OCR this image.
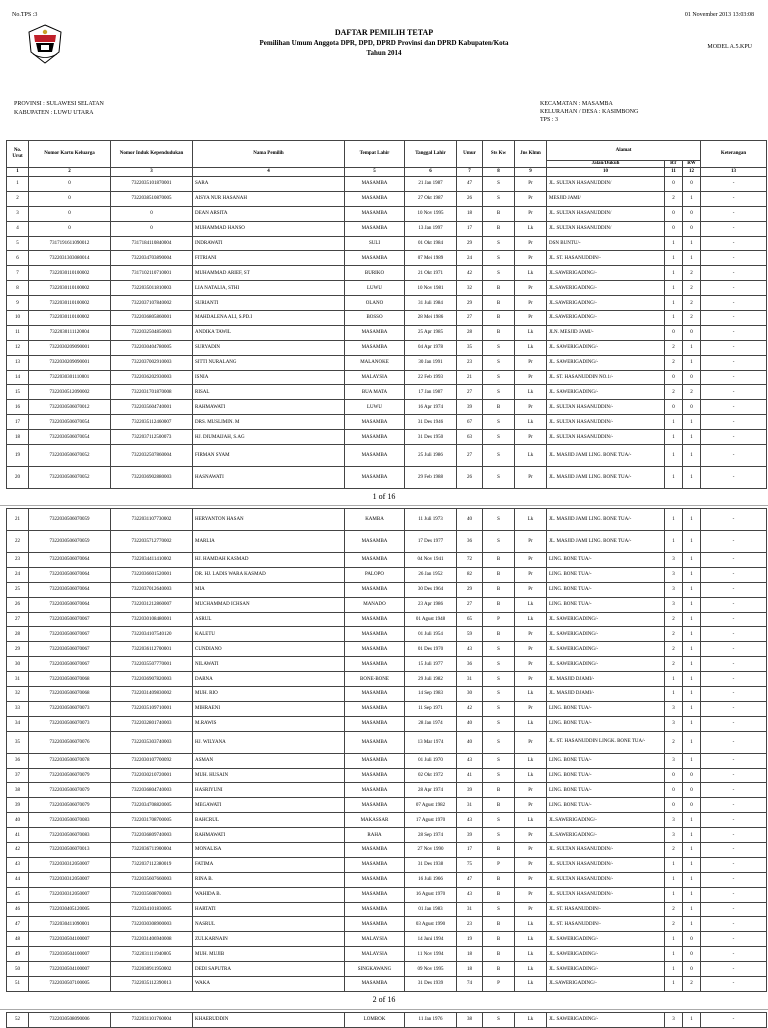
No.TPS :3	01 November 2013 13:03:08
DAFTAR PEMILIH TETAP
Pemilihan Umum Anggota DPR, DPD, DPRD Provinsi dan DPRD Kabupaten/Kota
Tahun 2014
MODEL A.5.KPU
PROVINSI : SULAWESI SELATAN
KABUPATEN : LUWU UTARA
KECAMATAN : MASAMBA
KELURAHAN / DESA : KASIMBONG
TPS : 3
No. Urut	Nomor Kartu Keluarga	Nomor Induk Kependudukan	Nama Pemilih	Tempat Lahir	Tanggal Lahir	Umur	Sts Kw	Jns Klmn	Alamat			Keterangan
									Jalan/Dukuh	RT	RW	
1	2	3	4	5	6	7	8	9	10	11	12	13
1	0	7322035101870001	SARA	MASAMBA	21 Jan 1987	47	S	Pr	JL. SULTAN HASANUDDIN/	0	0	-
2	0	7322038510870005	AISYA NUR HASANAH	MASAMBA	27 Okt 1987	26	S	Pr	MESJID JAMI/	2	1	-
3	0	0	DEAN ARSITA	MASAMBA	10 Nov 1995	18	B	Pr	JL. SULTAN HASANUDDIN/	0	0	-
4	0	0	MUHAMMAD HANSO	MASAMBA	13 Jan 1997	17	B	Lk	JL. SULTAN HASANUDDIN/	0	0	-
5	7317191611090012	7317184110840004	INDRAWATI	SULI	01 Okt 1984	29	S	Pr	DSN BUNTU/-	1	1	-
6	7322031303080014	7322034703890004	FITRIANI	MASAMBA	07 Mei 1989	24	S	Pr	JL. ST. HASANUDDIN/-	1	1	-
7	7322030110100002	7317102110710001	MUHAMMAD ARIEF, ST	BURIKO	21 Okt 1971	42	S	Lk	JL.SAWERIGADING/-	1	2	-
8	7322030110100002	7322035011810003	LIA NATALIA, STHI	LUWU	10 Nov 1981	32	B	Pr	JL.SAWERIGADING/-	1	2	-
9	7322030110100002	7322037107840002	SURIANTI	OLANO	31 Juli 1984	29	B	Pr	JL.SAWERIGADING/-	1	2	-
10	7322030110100002	7322036805860001	MAHDALENA ALI, S.PD.I	BOSSO	28 Mei 1986	27	B	Pr	JL.SAWERIGADING/-	1	2	-
11	7322030111120004	7322032504850003	ANDIKA TAWIL	MASAMBA	25 Apr 1985	28	B	Lk	JLN. MESJID JAMI/-	0	0	-
12	7322030209090001	7322030404780005	SURYADIN	MASAMBA	04 Apr 1978	35	S	Lk	JL. SAWERIGADING/-	2	1	-
13	7322030209090001	7322037002910003	SITTI NURALANG	MALANOKE	30 Jan 1991	23	S	Pr	JL. SAWERIGADING/-	2	1	-
14	7322030301110001	7322036202930003	ISNIA	MALAYSIA	22 Feb 1993	21	S	Pr	JL. ST. HASANUDDIN NO.1/-	0	0	-
15	7322030512090002	7322031701870008	RISAL	BUA MATA	17 Jan 1987	27	S	Lk	JL. SAWERIGADING/-	2	2	-
16	7322030506070012	7322035604740001	RAHMAWATI	LUWU	16 Apr 1974	39	B	Pr	JL. SULTAN HASANUDDIN/-	0	0	-
17	7322030506070054	7322035112460007	DRS. MUSLIMIN. M	MASAMBA	31 Des 1946	67	S	Lk	JL. SULTAN HASANUDDIN/-	1	1	-
18	7322030506070054	7322037112500073	HJ. DIUMAIJAH, S.AG	MASAMBA	31 Des 1950	63	S	Pr	JL. SULTAN HASANUDDIN/-	1	1	-
19	7322030506070052	7322032507860004	FIRMAN SYAM	MASAMBA	25 Juli 1986	27	S	Lk	JL. MASJID JAMI LING. BONE TUA/-	1	1	-
20	7322030506070052	7322036902880003	HASNAWATI	MASAMBA	29 Feb 1988	26	S	Pr	JL. MASJID JAMI LING. BONE TUA/-	1	1	-
1 of 16
21	7322030506070059	7322031107730002	HERYANTON HASAN	KAMBA	11 Juli 1973	40	S	Lk	JL. MASJID JAMI LING. BONE TUA/-	1	1	-
22	7322030506070059	7322035712770002	MARLIA	MASAMBA	17 Des 1977	36	S	Pr	JL. MASJID JAMI LING. BONE TUA/-	1	1	-
23	7322030506070064	7322034411410002	HJ. HAMDAH KASMAD	MASAMBA	04 Nov 1941	72	B	Pr	LING. BONE TUA/-	3	1	-
24	7322030506070064	7322036601520001	DR. HJ. LADIS WARA KASMAD	PALOPO	26 Jan 1952	82	B	Pr	LING. BONE TUA/-	3	1	-
25	7322030506070064	7322037012640003	MIA	MASAMBA	30 Des 1964	29	B	Pr	LING. BONE TUA/-	3	1	-
26	7322030506070064	7322031212860007	MUCHAMMAD ICHSAN	MANADO	23 Apr 1986	27	B	Lk	LING. BONE TUA/-	3	1	-
27	7322030506070067	7322030108480001	ASRUL	MASAMBA	01 Agust 1948	65	P	Lk	JL. SAWERIGADING/-	2	1	-
28	7322030506070067	7322034107540120	KALETU	MASAMBA	01 Juli 1954	59	B	Pr	JL. SAWERIGADING/-	2	1	-
29	7322030506070067	7322036112700001	CUNDIANO	MASAMBA	01 Des 1970	43	S	Pr	JL. SAWERIGADING/-	2	1	-
30	7322030506070067	7322035507770001	NILAWATI	MASAMBA	15 Juli 1977	36	S	Pr	JL. SAWERIGADING/-	2	1	-
31	7322030506070068	7322036907820003	DARNA	BONE-BONE	29 Juli 1982	31	S	Pr	JL. MASJID DJAMI/-	1	1	-
32	7322030506070068	7322031409830002	MUH. RIO	MASAMBA	14 Sep 1983	30	S	Lk	JL. MASJID DJAMI/-	1	1	-
33	7322030506070073	7322035109710001	MIHRAENI	MASAMBA	11 Sep 1971	42	S	Pr	LING. BONE TUA/-	3	1	-
34	7322030506070073	7322032801740003	M.RAWIS	MASAMBA	28 Jan 1974	40	S	Lk	LING. BONE TUA/-	3	1	-
35	7322030506070076	7322035303740003	HJ. WILYANA	MASAMBA	13 Mar 1974	40	S	Pr	JL. ST. HASANUDDIN LINGK. BONE TUA/-	2	1	-
36	7322030506070078	7322030107700092	ASMAN	MASAMBA	01 Juli 1970	43	S	Lk	LING. BONE TUA/-	3	1	-
37	7322030506070079	7322030210720001	MUH. HUSAIN	MASAMBA	02 Okt 1972	41	S	Lk	LING. BONE TUA/-	0	0	-
38	7322030506070079	7322036804740003	HASRIYUNI	MASAMBA	28 Apr 1974	39	B	Pr	LING. BONE TUA/-	0	0	-
39	7322030506070079	7322034708820005	MEGAWATI	MASAMBA	07 Agust 1982	31	B	Pr	LING. BONE TUA/-	0	0	-
40	7322030506070083	7322031708700005	BAHCRUL	MAKASSAR	17 Agust 1970	43	S	Lk	JL.SAWERIGADING/-	3	1	-
41	7322030506070083	7322036809740003	RAHMAWATI	RAHA	28 Sep 1974	39	S	Pr	JL.SAWERIGADING/-	3	1	-
42	7322030506070013	7322036711900004	MONALISA	MASAMBA	27 Nov 1990	17	B	Pr	JL. SULTAN HASANUDDIN/-	2	1	-
43	7322030312050007	7322037112380019	FATIMA	MASAMBA	31 Des 1938	75	P	Pr	JL. SULTAN HASANUDDIN/-	1	1	-
44	7322030312050007	7322035607660003	RINA B.	MASAMBA	16 Juli 1966	47	B	Pr	JL. SULTAN HASANUDDIN/-	1	1	-
45	7322030312050007	7322035608700003	WAHIDA B.	MASAMBA	16 Agust 1970	43	B	Pr	JL. SULTAN HASANUDDIN/-	1	1	-
46	7322030405120005	7322034101830005	HARTATI	MASAMBA	01 Jan 1983	31	S	Pr	JL. ST. HASANUDDIN/-	2	1	-
47	7322030411090001	7322030308900003	NASRUL	MASAMBA	03 Agust 1990	23	B	Lk	JL. ST. HASANUDDIN/-	2	1	-
48	7322030504100007	7322031406940008	ZULKARNAIN	MALAYSIA	14 Juni 1994	19	B	Lk	JL. SAWERIGADING/-	1	0	-
49	7322030504100007	7322031111940005	MUH. MUJIB	MALAYSIA	11 Nov 1994	18	B	Lk	JL. SAWERIGADING/-	1	0	-
50	7322030504100007	7322030911950002	DEDI SAPUTRA	SINGKAWANG	09 Nov 1995	18	B	Lk	JL. SAWERIGADING/-	1	0	-
51	7322030507100005	7322035112390013	WAKA	MASAMBA	31 Des 1939	74	P	Lk	JL.SAWERIGADING/-	1	2	-
2 of 16
52	7322030508090006	7322031101760004	KHAERUDDIN	LOMBOK	11 Jan 1976	38	S	Lk	JL. SAWERIGADING/-	3	1	-
